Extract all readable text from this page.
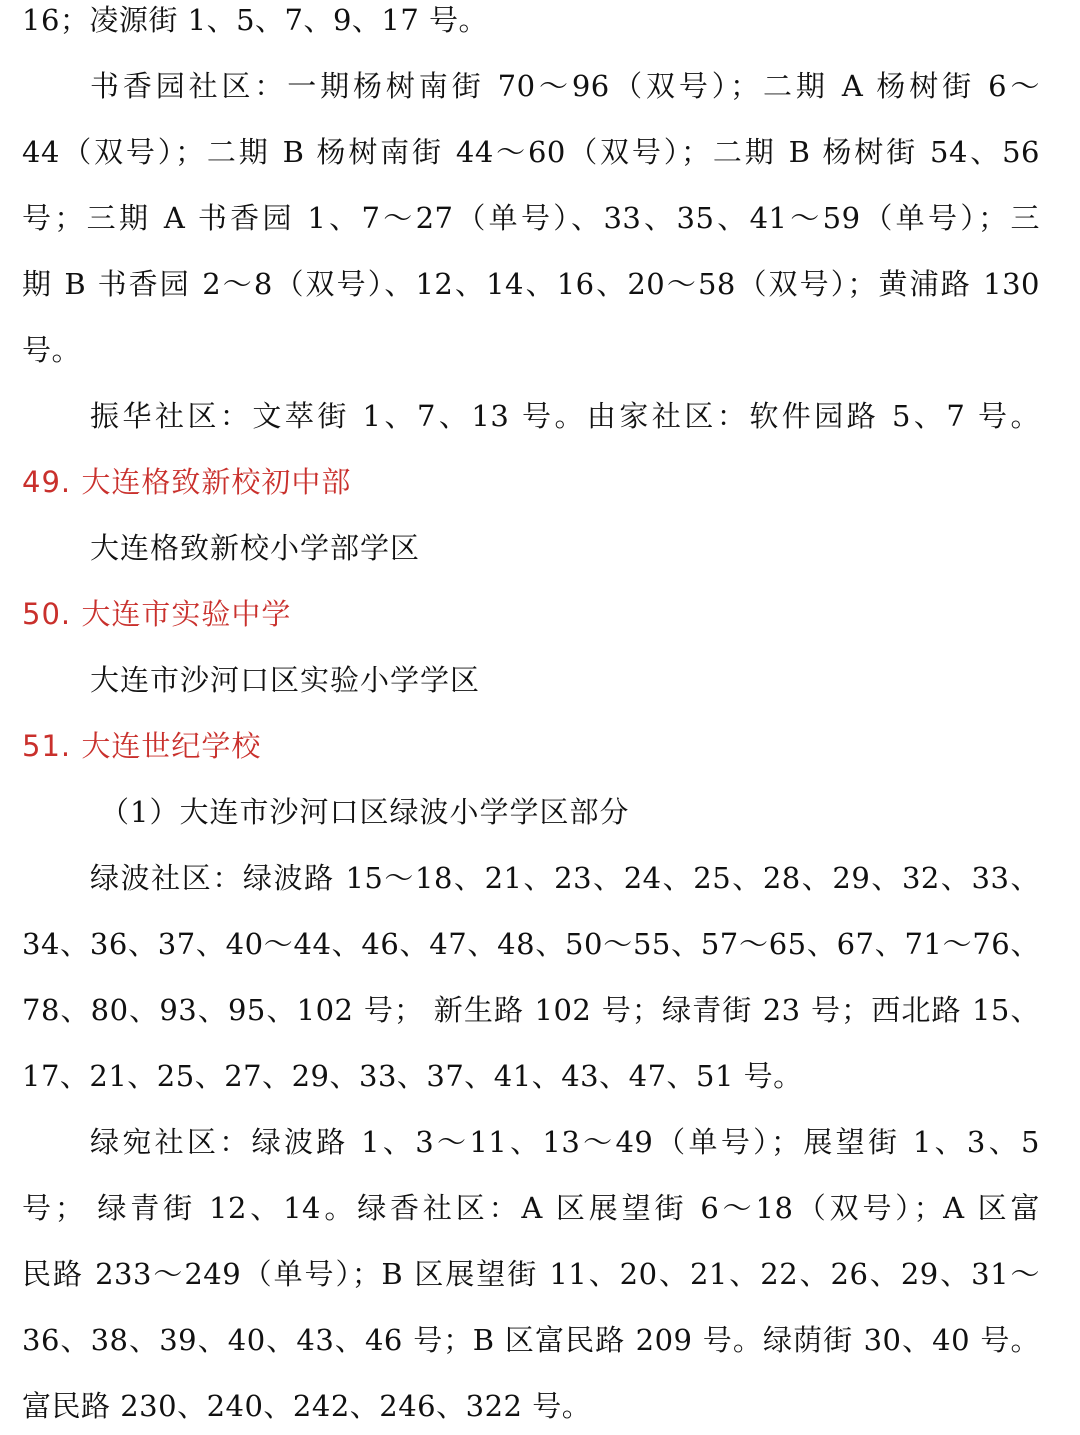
16；凌源街 1、5、7、9、17 号。
书香园社区：一期杨树南街 70～96（双号）；二期 A 杨树街 6～
44（双号）；二期 B 杨树南街 44～60（双号）；二期 B 杨树街 54、56
号；三期 A 书香园 1、7～27（单号）、33、35、41～59（单号）；三
期 B 书香园 2～8（双号）、12、14、16、20～58（双号）；黄浦路 130
号。
振华社区：文萃街 1、7、13 号。由家社区：软件园路 5、7 号。
49. 大连格致新校初中部
大连格致新校小学部学区
50. 大连市实验中学
大连市沙河口区实验小学学区
51. 大连世纪学校
（1）大连市沙河口区绿波小学学区部分
绿波社区：绿波路 15～18、21、23、24、25、28、29、32、33、
34、36、37、40～44、46、47、48、50～55、57～65、67、71～76、
78、80、93、95、102 号； 新生路 102 号；绿青街 23 号；西北路 15、
17、21、25、27、29、33、37、41、43、47、51 号。
绿宛社区：绿波路 1、3～11、13～49（单号）；展望街 1、3、5
号； 绿青街 12、14。绿香社区：A 区展望街 6～18（双号）；A 区富
民路 233～249（单号）；B 区展望街 11、20、21、22、26、29、31～
36、38、39、40、43、46 号；B 区富民路 209 号。绿荫街 30、40 号。
富民路 230、240、242、246、322 号。
